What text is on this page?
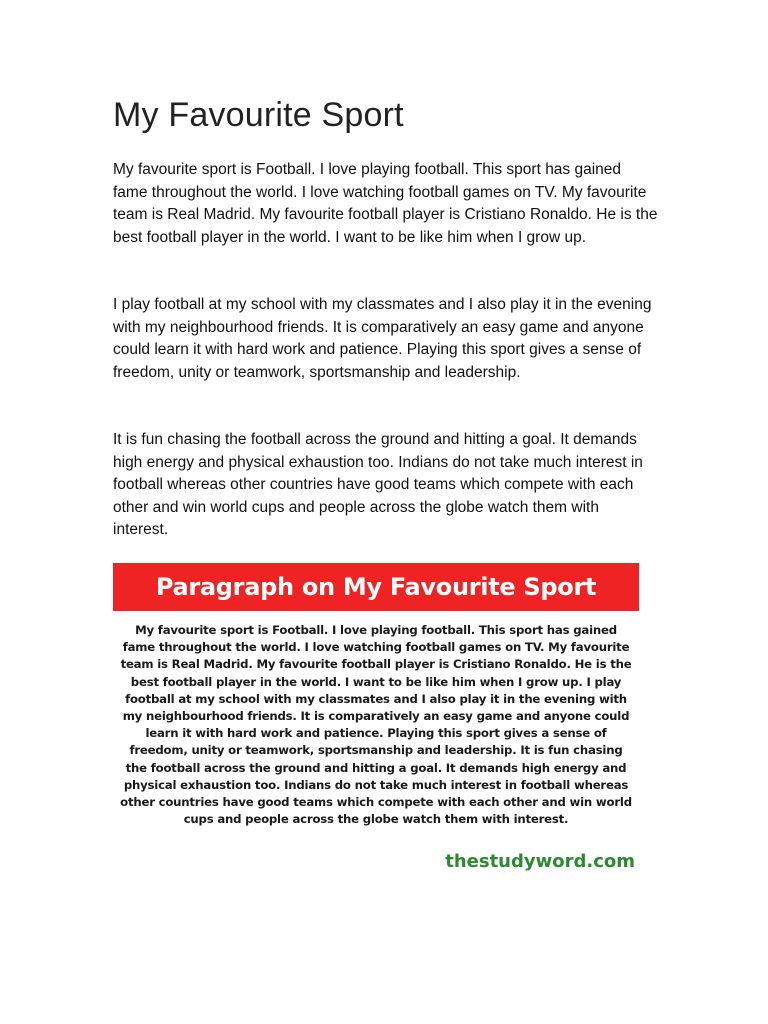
My Favourite Sport

My favourite sport is Football. I love playing football. This sport has gained fame throughout the world. I love watching football games on TV. My favourite team is Real Madrid. My favourite football player is Cristiano Ronaldo. He is the best football player in the world. I want to be like him when I grow up.

I play football at my school with my classmates and I also play it in the evening with my neighbourhood friends. It is comparatively an easy game and anyone could learn it with hard work and patience. Playing this sport gives a sense of freedom, unity or teamwork, sportsmanship and leadership.

It is fun chasing the football across the ground and hitting a goal. It demands high energy and physical exhaustion too. Indians do not take much interest in football whereas other countries have good teams which compete with each other and win world cups and people across the globe watch them with interest.

Paragraph on My Favourite Sport

My favourite sport is Football. I love playing football. This sport has gained fame throughout the world. I love watching football games on TV. My favourite team is Real Madrid. My favourite football player is Cristiano Ronaldo. He is the best football player in the world. I want to be like him when I grow up. I play football at my school with my classmates and I also play it in the evening with my neighbourhood friends. It is comparatively an easy game and anyone could learn it with hard work and patience. Playing this sport gives a sense of freedom, unity or teamwork, sportsmanship and leadership. It is fun chasing the football across the ground and hitting a goal. It demands high energy and physical exhaustion too. Indians do not take much interest in football whereas other countries have good teams which compete with each other and win world cups and people across the globe watch them with interest.

thestudyword.com
